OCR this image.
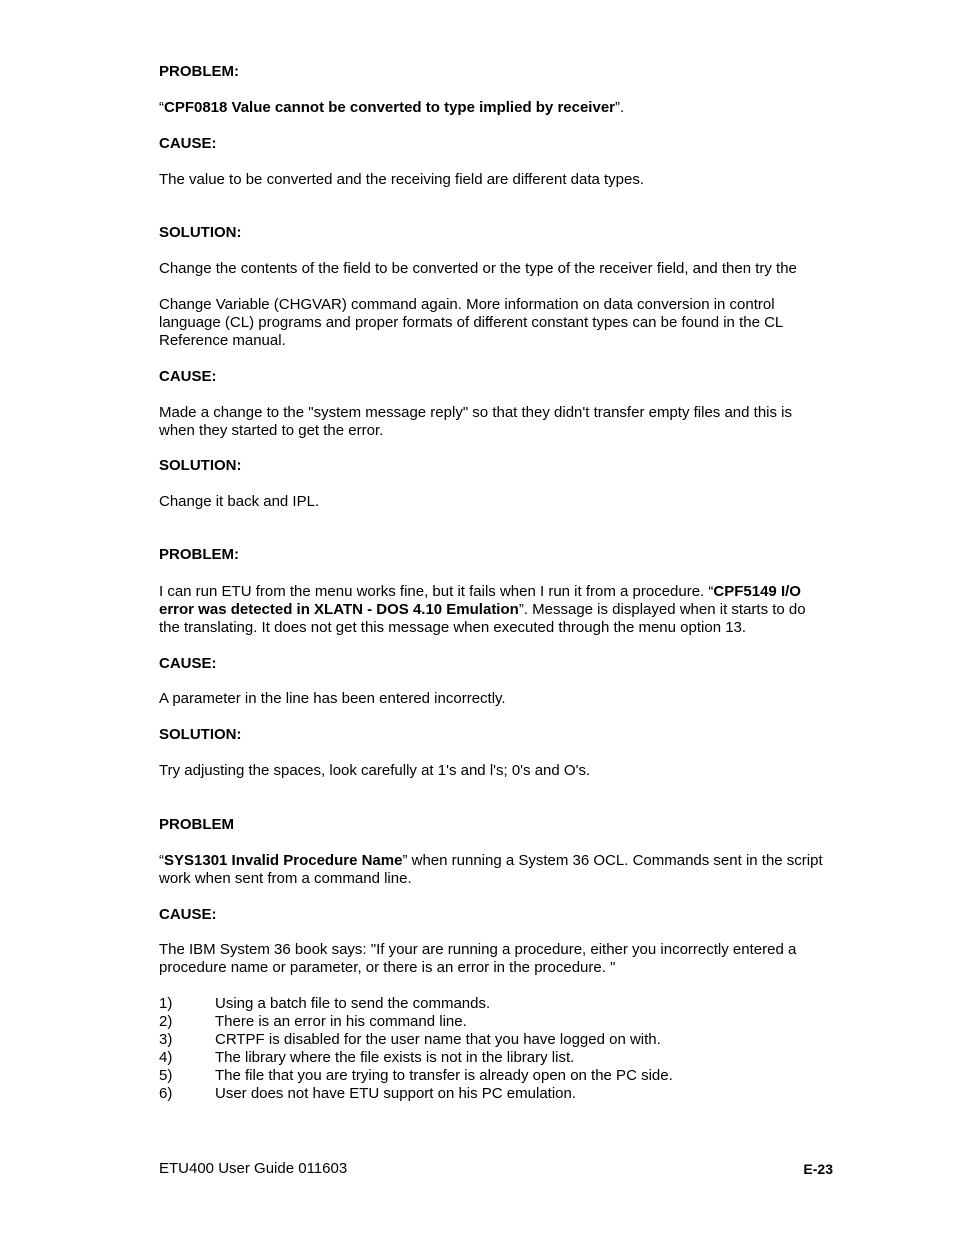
PROBLEM:
“CPF0818 Value cannot be converted to type implied by receiver”.
CAUSE:
The value to be converted and the receiving field are different data types.
SOLUTION:
Change the contents of the field to be converted or the type of the receiver field, and then try the
Change Variable (CHGVAR) command again. More information on data conversion in control
language (CL) programs and proper formats of different constant types can be found in the CL
Reference manual.
CAUSE:
Made a change to the "system message reply" so that they didn't transfer empty files and this is
when they started to get the error.
SOLUTION:
Change it back and IPL.
PROBLEM:
I can run ETU from the menu works fine, but it fails when I run it from a procedure. “CPF5149 I/O
error was detected in XLATN - DOS 4.10 Emulation”. Message is displayed when it starts to do
the translating. It does not get this message when executed through the menu option 13.
CAUSE:
A parameter in the line has been entered incorrectly.
SOLUTION:
Try adjusting the spaces, look carefully at 1's and l's; 0's and O's.
PROBLEM
“SYS1301 Invalid Procedure Name” when running a System 36 OCL. Commands sent in the script
work when sent from a command line.
CAUSE:
The IBM System 36 book says: "If your are running a procedure, either you incorrectly entered a
procedure name or parameter, or there is an error in the procedure. "
1)	Using a batch file to send the commands.
2)	There is an error in his command line.
3)	CRTPF is disabled for the user name that you have logged on with.
4)	The library where the file exists is not in the library list.
5)	The file that you are trying to transfer is already open on the PC side.
6)	User does not have ETU support on his PC emulation.
ETU400 User Guide 011603	E-23
